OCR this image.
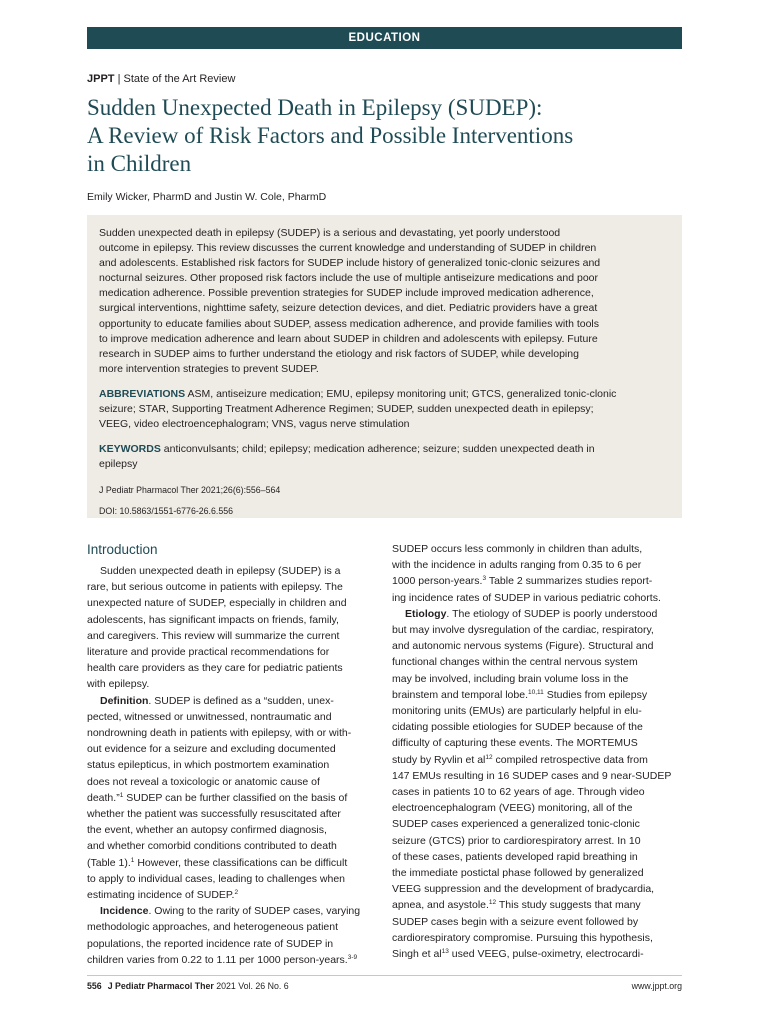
EDUCATION
JPPT | State of the Art Review
Sudden Unexpected Death in Epilepsy (SUDEP):
A Review of Risk Factors and Possible Interventions
in Children
Emily Wicker, PharmD and Justin W. Cole, PharmD
Sudden unexpected death in epilepsy (SUDEP) is a serious and devastating, yet poorly understood
outcome in epilepsy. This review discusses the current knowledge and understanding of SUDEP in children
and adolescents. Established risk factors for SUDEP include history of generalized tonic-clonic seizures and
nocturnal seizures. Other proposed risk factors include the use of multiple antiseizure medications and poor
medication adherence. Possible prevention strategies for SUDEP include improved medication adherence,
surgical interventions, nighttime safety, seizure detection devices, and diet. Pediatric providers have a great
opportunity to educate families about SUDEP, assess medication adherence, and provide families with tools
to improve medication adherence and learn about SUDEP in children and adolescents with epilepsy. Future
research in SUDEP aims to further understand the etiology and risk factors of SUDEP, while developing
more intervention strategies to prevent SUDEP.
ABBREVIATIONS ASM, antiseizure medication; EMU, epilepsy monitoring unit; GTCS, generalized tonic-clonic
seizure; STAR, Supporting Treatment Adherence Regimen; SUDEP, sudden unexpected death in epilepsy;
VEEG, video electroencephalogram; VNS, vagus nerve stimulation
KEYWORDS anticonvulsants; child; epilepsy; medication adherence; seizure; sudden unexpected death in
epilepsy
J Pediatr Pharmacol Ther 2021;26(6):556–564
DOI: 10.5863/1551-6776-26.6.556
Introduction
Sudden unexpected death in epilepsy (SUDEP) is a
rare, but serious outcome in patients with epilepsy. The
unexpected nature of SUDEP, especially in children and
adolescents, has significant impacts on friends, family,
and caregivers. This review will summarize the current
literature and provide practical recommendations for
health care providers as they care for pediatric patients
with epilepsy.
Definition. SUDEP is defined as a “sudden, unex-
pected, witnessed or unwitnessed, nontraumatic and
nondrowning death in patients with epilepsy, with or with-
out evidence for a seizure and excluding documented
status epilepticus, in which postmortem examination
does not reveal a toxicologic or anatomic cause of
death.”$^1$ SUDEP can be further classified on the basis of
whether the patient was successfully resuscitated after
the event, whether an autopsy confirmed diagnosis,
and whether comorbid conditions contributed to death
(Table 1).$^1$ However, these classifications can be difficult
to apply to individual cases, leading to challenges when
estimating incidence of SUDEP.$^2$
Incidence. Owing to the rarity of SUDEP cases, varying
methodologic approaches, and heterogeneous patient
populations, the reported incidence rate of SUDEP in
children varies from 0.22 to 1.11 per 1000 person-years.$^{3-9}$
SUDEP occurs less commonly in children than adults,
with the incidence in adults ranging from 0.35 to 6 per
1000 person-years.$^3$ Table 2 summarizes studies report-
ing incidence rates of SUDEP in various pediatric cohorts.
Etiology. The etiology of SUDEP is poorly understood
but may involve dysregulation of the cardiac, respiratory,
and autonomic nervous systems (Figure). Structural and
functional changes within the central nervous system
may be involved, including brain volume loss in the
brainstem and temporal lobe.$^{10,11}$ Studies from epilepsy
monitoring units (EMUs) are particularly helpful in elu-
cidating possible etiologies for SUDEP because of the
difficulty of capturing these events. The MORTEMUS
study by Ryvlin et $al^{12}$ compiled retrospective data from
147 EMUs resulting in 16 SUDEP cases and 9 near-SUDEP
cases in patients 10 to 62 years of age. Through video
electroencephalogram (VEEG) monitoring, all of the
SUDEP cases experienced a generalized tonic-clonic
seizure (GTCS) prior to cardiorespiratory arrest. In 10
of these cases, patients developed rapid breathing in
the immediate postictal phase followed by generalized
VEEG suppression and the development of bradycardia,
apnea, and asystole.$^{12}$ This study suggests that many
SUDEP cases begin with a seizure event followed by
cardiorespiratory compromise. Pursuing this hypothesis,
Singh et $al^{13}$ used VEEG, pulse-oximetry, electrocardi-
556 J Pediatr Pharmacol Ther 2021 Vol. 26 No. 6	www.jppt.org
